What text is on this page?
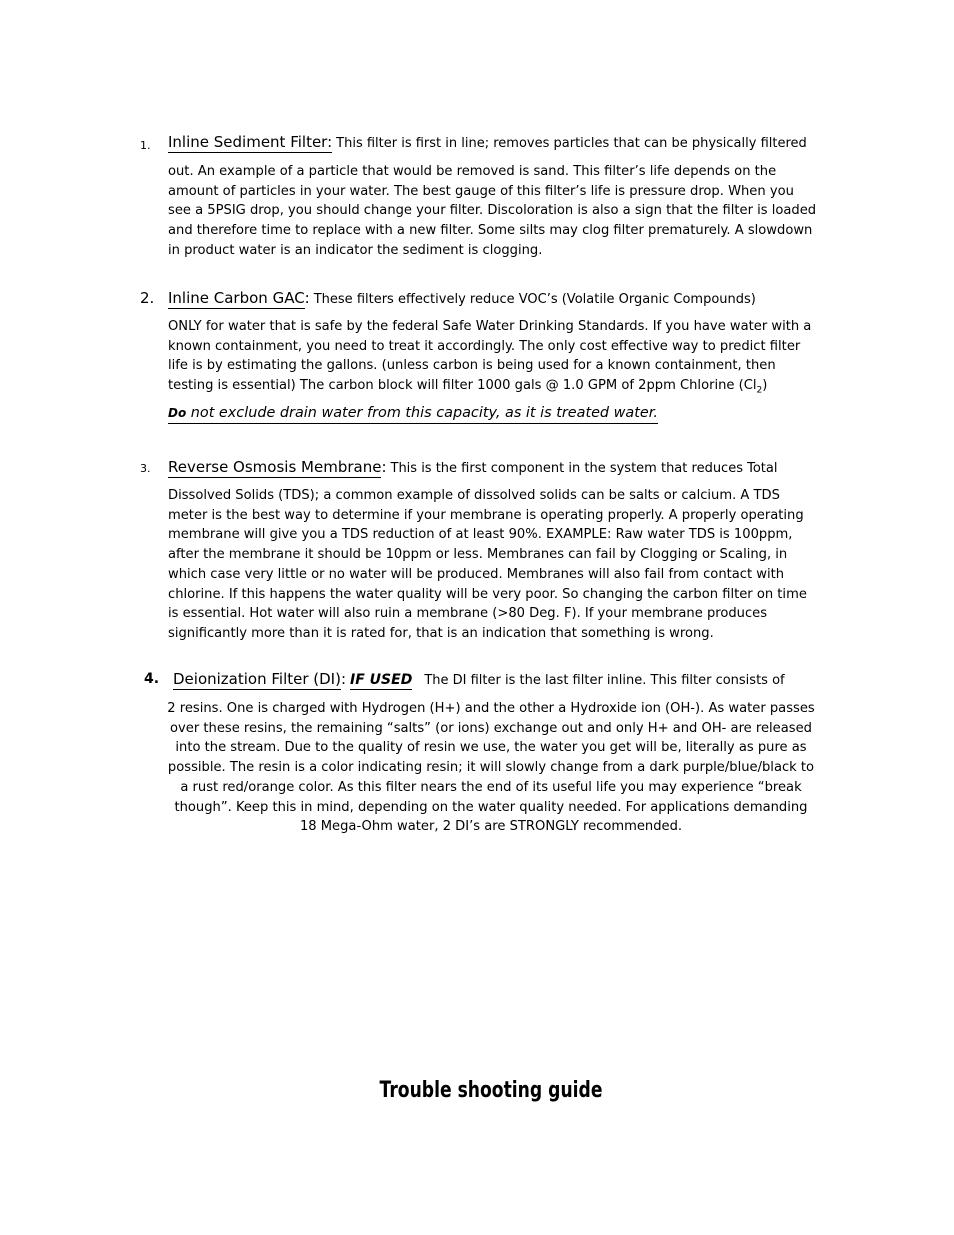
1. Inline Sediment Filter: This filter is first in line; removes particles that can be physically filtered
out. An example of a particle that would be removed is sand. This filter’s life depends on the amount of particles in your water. The best gauge of this filter’s life is pressure drop. When you see a 5PSIG drop, you should change your filter. Discoloration is also a sign that the filter is loaded and therefore time to replace with a new filter. Some silts may clog filter prematurely. A slowdown in product water is an indicator the sediment is clogging.
2. Inline Carbon GAC: These filters effectively reduce VOC’s (Volatile Organic Compounds)
ONLY for water that is safe by the federal Safe Water Drinking Standards. If you have water with a known containment, you need to treat it accordingly. The only cost effective way to predict filter life is by estimating the gallons. (unless carbon is being used for a known containment, then testing is essential) The carbon block will filter 1000 gals @ 1.0 GPM of 2ppm Chlorine $(Cl_2)$
Do not exclude drain water from this capacity, as it is treated water.
3. Reverse Osmosis Membrane: This is the first component in the system that reduces Total
Dissolved Solids (TDS); a common example of dissolved solids can be salts or calcium. A TDS meter is the best way to determine if your membrane is operating properly. A properly operating membrane will give you a TDS reduction of at least 90%. EXAMPLE: Raw water TDS is 100ppm, after the membrane it should be 10ppm or less. Membranes can fail by Clogging or Scaling, in which case very little or no water will be produced. Membranes will also fail from contact with chlorine. If this happens the water quality will be very poor. So changing the carbon filter on time is essential. Hot water will also ruin a membrane (>80 Deg. F). If your membrane produces significantly more than it is rated for, that is an indication that something is wrong.
4. Deionization Filter (DI): IF USED The DI filter is the last filter inline. This filter consists of
2 resins. One is charged with Hydrogen (H+) and the other a Hydroxide ion (OH-). As water passes over these resins, the remaining “salts” (or ions) exchange out and only H+ and OH- are released into the stream. Due to the quality of resin we use, the water you get will be, literally as pure as possible. The resin is a color indicating resin; it will slowly change from a dark purple/blue/black to a rust red/orange color. As this filter nears the end of its useful life you may experience “break though”. Keep this in mind, depending on the water quality needed. For applications demanding 18 Mega-Ohm water, 2 DI’s are STRONGLY recommended.
Trouble shooting guide
